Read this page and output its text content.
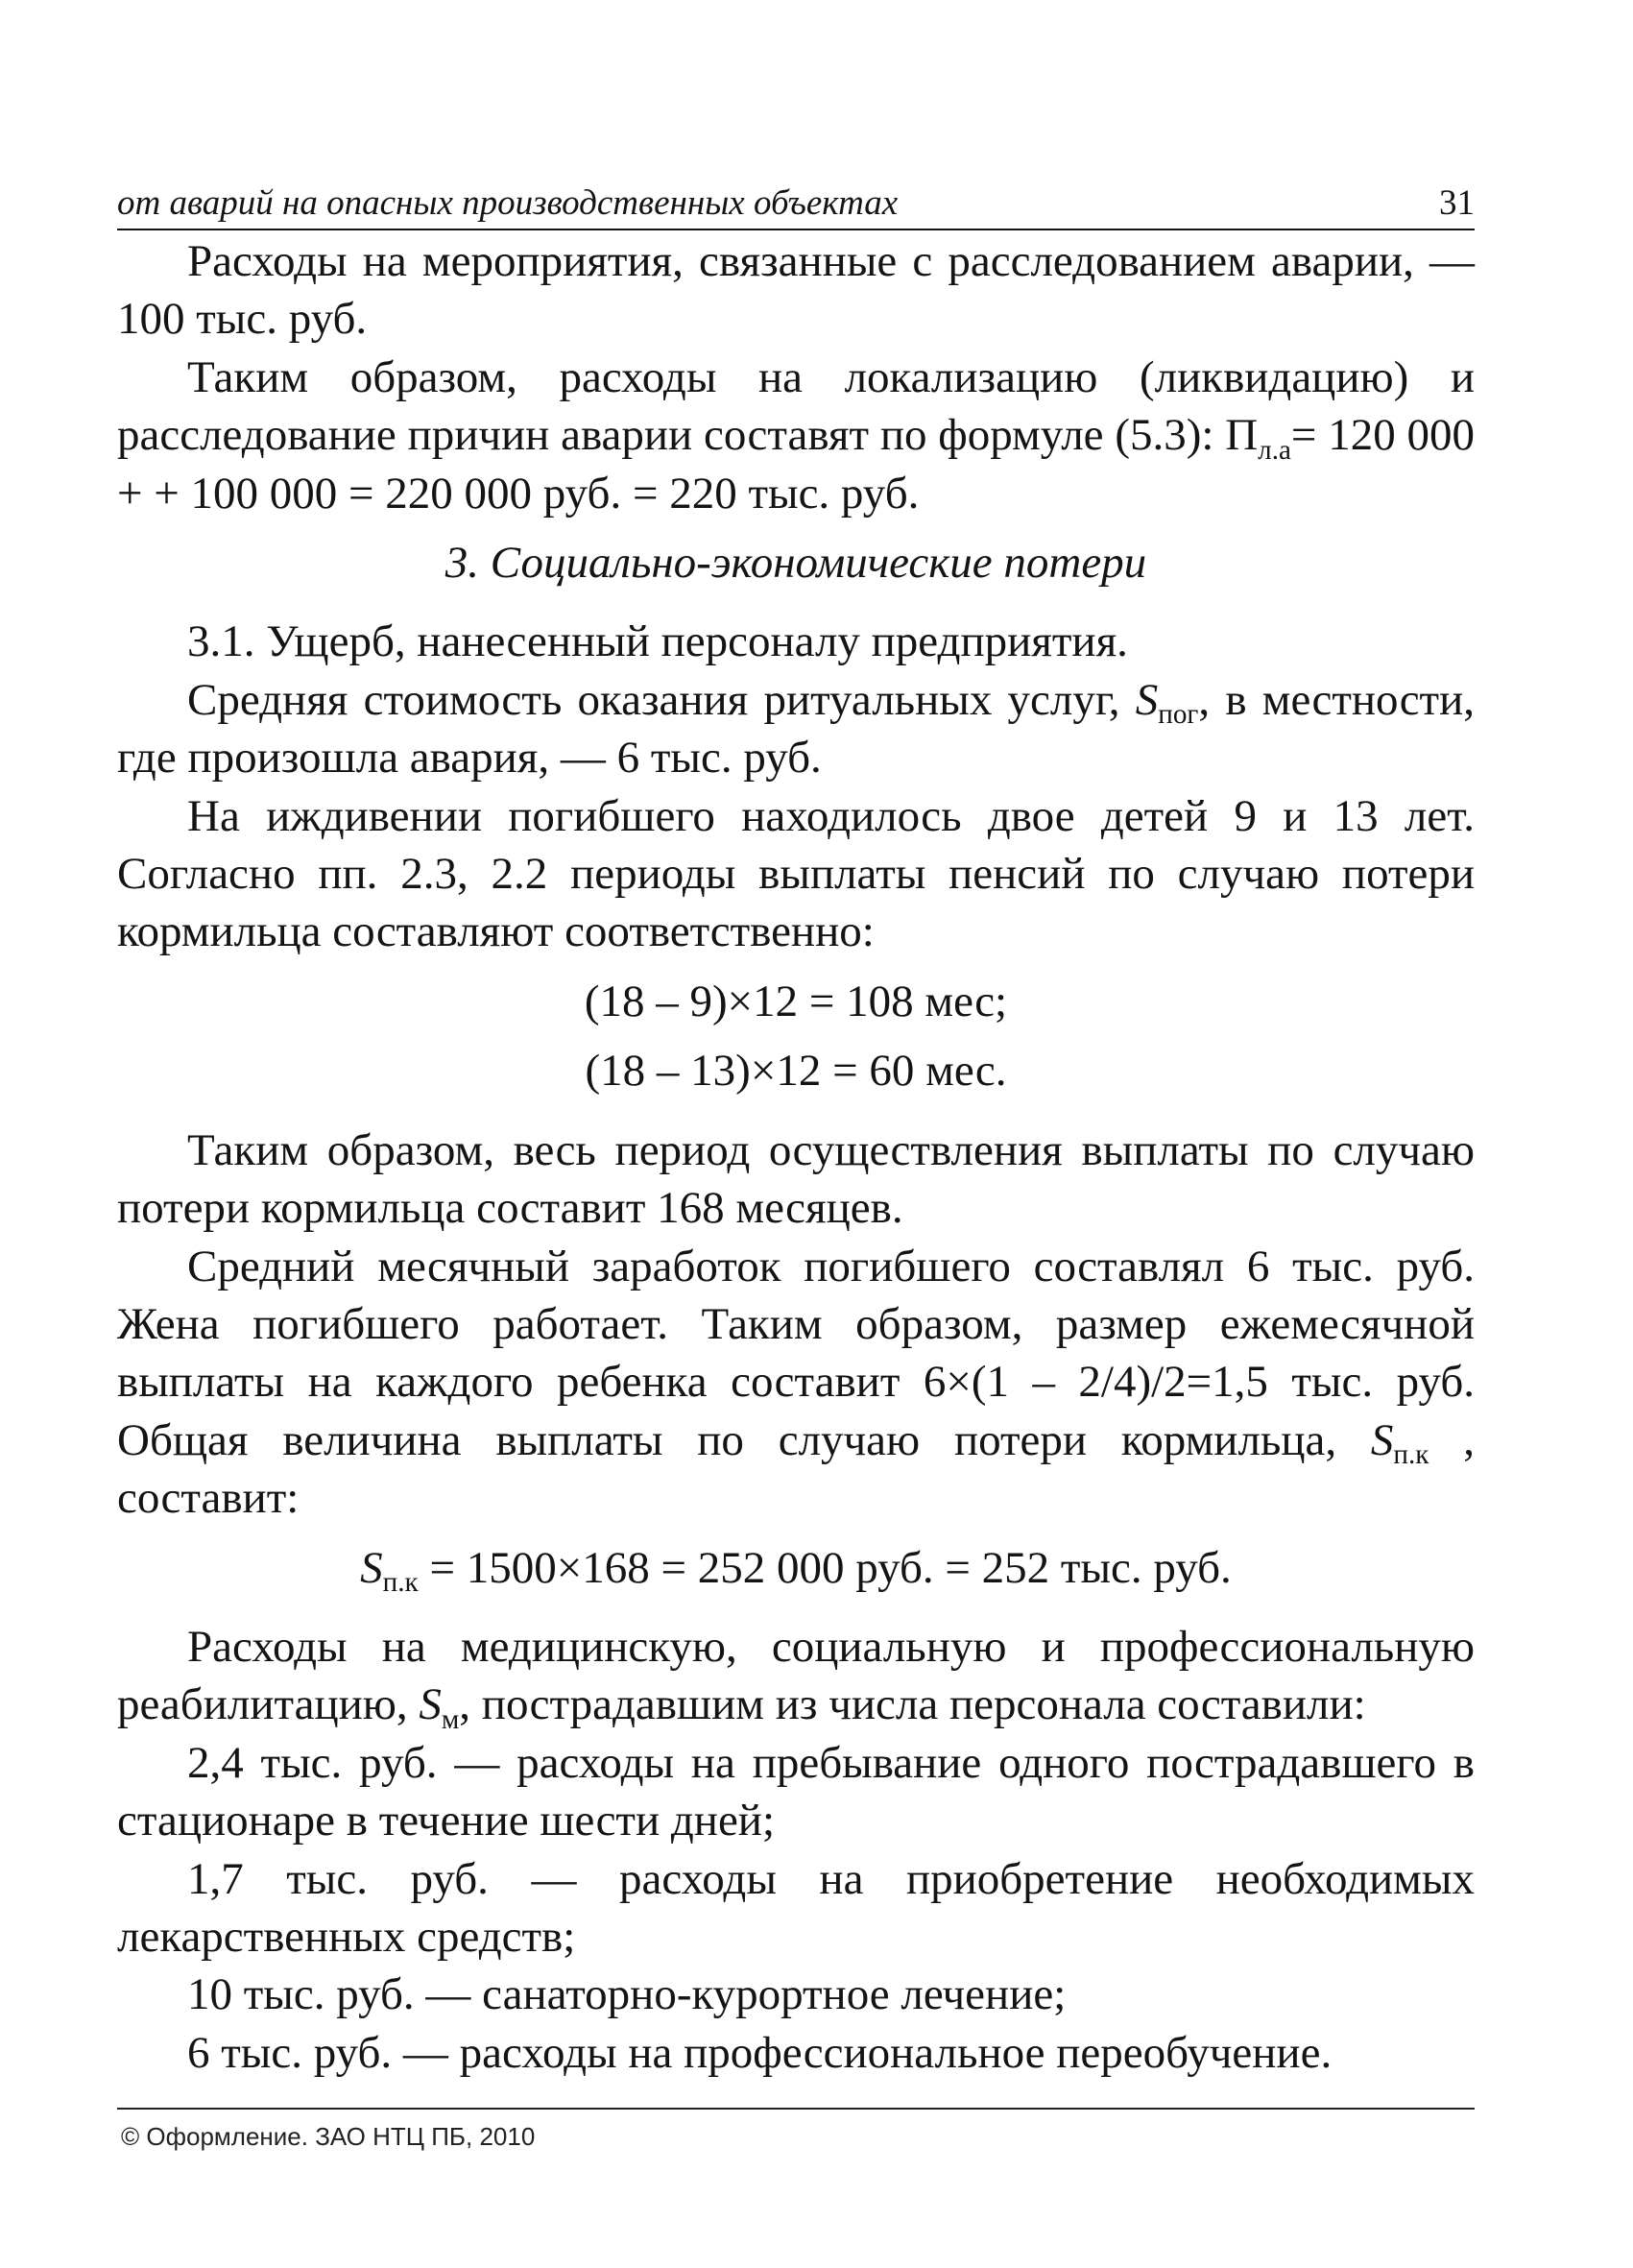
от аварий на опасных производственных объектах	31

Расходы на мероприятия, связанные с расследованием аварии, — 100 тыс. руб.

Таким образом, расходы на локализацию (ликвидацию) и расследование причин аварии составят по формуле (5.3): $П_{л.а}= 120$ 000 + + 100 000 = 220 000 руб. = 220 тыс. руб.

3. Социально-экономические потери

3.1. Ущерб, нанесенный персоналу предприятия.

Средняя стоимость оказания ритуальных услуг, $S_{пог}$, в местности, где произошла авария, — 6 тыс. руб.

На иждивении погибшего находилось двое детей 9 и 13 лет. Согласно пп. 2.3, 2.2 периоды выплаты пенсий по случаю потери кормильца составляют соответственно:

(18 – 9)×12 = 108 мес;

(18 – 13)×12 = 60 мес.

Таким образом, весь период осуществления выплаты по случаю потери кормильца составит 168 месяцев.

Средний месячный заработок погибшего составлял 6 тыс. руб. Жена погибшего работает. Таким образом, размер ежемесячной выплаты на каждого ребенка составит 6×(1 – 2/4)/2=1,5 тыс. руб. Общая величина выплаты по случаю потери кормильца, $S_{п.к}$ , составит:

$S_{п.к} = 1500\times 168 = 252$ 000 руб. = 252 тыс. руб.

Расходы на медицинскую, социальную и профессиональную реабилитацию, $S_м$, пострадавшим из числа персонала составили:

2,4 тыс. руб. — расходы на пребывание одного пострадавшего в стационаре в течение шести дней;

1,7 тыс. руб. — расходы на приобретение необходимых лекарственных средств;

10 тыс. руб. — санаторно-курортное лечение;

6 тыс. руб. — расходы на профессиональное переобучение.

© Оформление. ЗАО НТЦ ПБ, 2010
